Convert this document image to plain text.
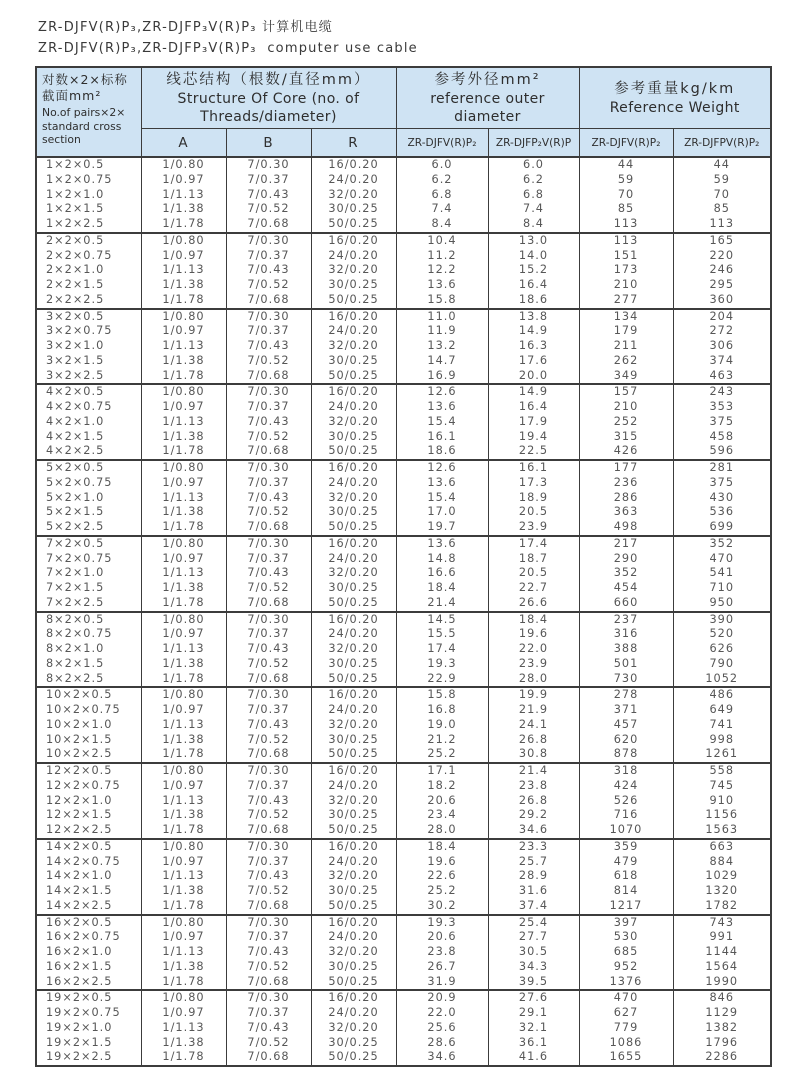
ZR-DJFV(R)P₃,ZR-DJFP₃V(R)P₃ 计算机电缆
ZR-DJFV(R)P₃,ZR-DJFP₃V(R)P₃  computer use cable
对数×2×标称截面mm²
No.of pairs×2× standard cross section

线芯结构（根数/直径mm）
Structure Of Core (no. of Threads/diameter)

参考外径mm²
reference outer diameter

参考重量kg/km
Reference Weight

	A	B	R	ZR-DJFV(R)P₂	ZR-DJFP₂V(R)P	ZR-DJFV(R)P₂	ZR-DJFPV(R)P₂
1×2×0.5	1/0.80	7/0.30	16/0.20	6.0	6.0	44	44
1×2×0.75	1/0.97	7/0.37	24/0.20	6.2	6.2	59	59
1×2×1.0	1/1.13	7/0.43	32/0.20	6.8	6.8	70	70
1×2×1.5	1/1.38	7/0.52	30/0.25	7.4	7.4	85	85
1×2×2.5	1/1.78	7/0.68	50/0.25	8.4	8.4	113	113
2×2×0.5	1/0.80	7/0.30	16/0.20	10.4	13.0	113	165
2×2×0.75	1/0.97	7/0.37	24/0.20	11.2	14.0	151	220
2×2×1.0	1/1.13	7/0.43	32/0.20	12.2	15.2	173	246
2×2×1.5	1/1.38	7/0.52	30/0.25	13.6	16.4	210	295
2×2×2.5	1/1.78	7/0.68	50/0.25	15.8	18.6	277	360
3×2×0.5	1/0.80	7/0.30	16/0.20	11.0	13.8	134	204
3×2×0.75	1/0.97	7/0.37	24/0.20	11.9	14.9	179	272
3×2×1.0	1/1.13	7/0.43	32/0.20	13.2	16.3	211	306
3×2×1.5	1/1.38	7/0.52	30/0.25	14.7	17.6	262	374
3×2×2.5	1/1.78	7/0.68	50/0.25	16.9	20.0	349	463
4×2×0.5	1/0.80	7/0.30	16/0.20	12.6	14.9	157	243
4×2×0.75	1/0.97	7/0.37	24/0.20	13.6	16.4	210	353
4×2×1.0	1/1.13	7/0.43	32/0.20	15.4	17.9	252	375
4×2×1.5	1/1.38	7/0.52	30/0.25	16.1	19.4	315	458
4×2×2.5	1/1.78	7/0.68	50/0.25	18.6	22.5	426	596
5×2×0.5	1/0.80	7/0.30	16/0.20	12.6	16.1	177	281
5×2×0.75	1/0.97	7/0.37	24/0.20	13.6	17.3	236	375
5×2×1.0	1/1.13	7/0.43	32/0.20	15.4	18.9	286	430
5×2×1.5	1/1.38	7/0.52	30/0.25	17.0	20.5	363	536
5×2×2.5	1/1.78	7/0.68	50/0.25	19.7	23.9	498	699
7×2×0.5	1/0.80	7/0.30	16/0.20	13.6	17.4	217	352
7×2×0.75	1/0.97	7/0.37	24/0.20	14.8	18.7	290	470
7×2×1.0	1/1.13	7/0.43	32/0.20	16.6	20.5	352	541
7×2×1.5	1/1.38	7/0.52	30/0.25	18.4	22.7	454	710
7×2×2.5	1/1.78	7/0.68	50/0.25	21.4	26.6	660	950
8×2×0.5	1/0.80	7/0.30	16/0.20	14.5	18.4	237	390
8×2×0.75	1/0.97	7/0.37	24/0.20	15.5	19.6	316	520
8×2×1.0	1/1.13	7/0.43	32/0.20	17.4	22.0	388	626
8×2×1.5	1/1.38	7/0.52	30/0.25	19.3	23.9	501	790
8×2×2.5	1/1.78	7/0.68	50/0.25	22.9	28.0	730	1052
10×2×0.5	1/0.80	7/0.30	16/0.20	15.8	19.9	278	486
10×2×0.75	1/0.97	7/0.37	24/0.20	16.8	21.9	371	649
10×2×1.0	1/1.13	7/0.43	32/0.20	19.0	24.1	457	741
10×2×1.5	1/1.38	7/0.52	30/0.25	21.2	26.8	620	998
10×2×2.5	1/1.78	7/0.68	50/0.25	25.2	30.8	878	1261
12×2×0.5	1/0.80	7/0.30	16/0.20	17.1	21.4	318	558
12×2×0.75	1/0.97	7/0.37	24/0.20	18.2	23.8	424	745
12×2×1.0	1/1.13	7/0.43	32/0.20	20.6	26.8	526	910
12×2×1.5	1/1.38	7/0.52	30/0.25	23.4	29.2	716	1156
12×2×2.5	1/1.78	7/0.68	50/0.25	28.0	34.6	1070	1563
14×2×0.5	1/0.80	7/0.30	16/0.20	18.4	23.3	359	663
14×2×0.75	1/0.97	7/0.37	24/0.20	19.6	25.7	479	884
14×2×1.0	1/1.13	7/0.43	32/0.20	22.6	28.9	618	1029
14×2×1.5	1/1.38	7/0.52	30/0.25	25.2	31.6	814	1320
14×2×2.5	1/1.78	7/0.68	50/0.25	30.2	37.4	1217	1782
16×2×0.5	1/0.80	7/0.30	16/0.20	19.3	25.4	397	743
16×2×0.75	1/0.97	7/0.37	24/0.20	20.6	27.7	530	991
16×2×1.0	1/1.13	7/0.43	32/0.20	23.8	30.5	685	1144
16×2×1.5	1/1.38	7/0.52	30/0.25	26.7	34.3	952	1564
16×2×2.5	1/1.78	7/0.68	50/0.25	31.9	39.5	1376	1990
19×2×0.5	1/0.80	7/0.30	16/0.20	20.9	27.6	470	846
19×2×0.75	1/0.97	7/0.37	24/0.20	22.0	29.1	627	1129
19×2×1.0	1/1.13	7/0.43	32/0.20	25.6	32.1	779	1382
19×2×1.5	1/1.38	7/0.52	30/0.25	28.6	36.1	1086	1796
19×2×2.5	1/1.78	7/0.68	50/0.25	34.6	41.6	1655	2286
